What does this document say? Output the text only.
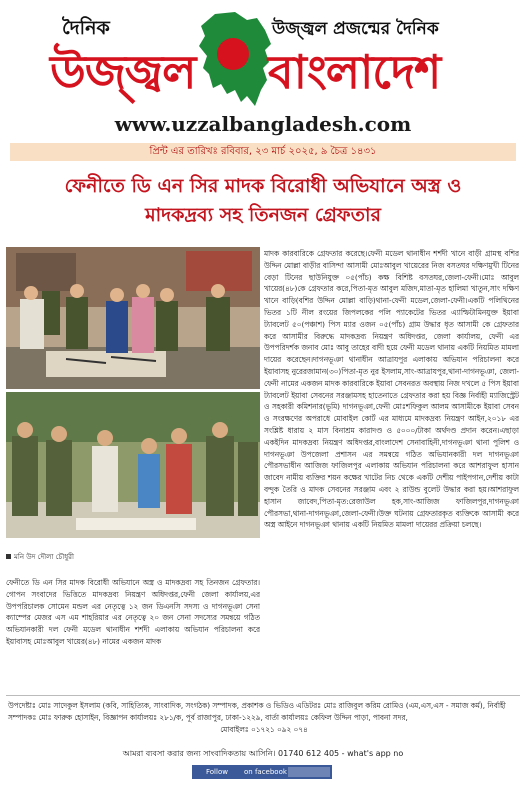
দৈনিক	উজ্জ্বল প্রজন্মের দৈনিক
উজ্জ্বল বাংলাদেশ
www.uzzalbangladesh.com
প্রিন্ট এর তারিখঃ রবিবার, ২৩ মার্চ ২০২৫, ৯ চৈত্র ১৪৩১
ফেনীতে ডি এন সির মাদক বিরোধী অভিযানে অস্ত্র ও
মাদকদ্রব্য সহ তিনজন গ্রেফতার
মনি উদ দৌলা চৌধুরী
মাদক কারবারিকে গ্রেফতার করেছে।ফেনী মডেল থানাধীন শর্শদী খানে বাড়ী গ্রামস্থ বশির উদ্দিন মোল্লা বাড়ীর বাসিন্দা আসামী মোঃআবুল খায়েরের নিজ বসতঘর দক্ষিণমুখী টিনের বেড়া টিনের ছাউনিযুক্ত ০৫(পাঁচ) কক্ষ বিশিষ্ট বসতঘর,জেলা-ফেনী।মোঃ আবুল খায়ের(৪৮)কে গ্রেফতার করে,পিতা-মৃত আবুল মজিদ,মাতা-মৃত হালিমা খাতুন,সাং দক্ষিণ খানে বাড়ি(বশির উদ্দিন মোল্লা বাড়ি)থানা-ফেনী মডেল,জেলা-ফেনী।একটি পলিথিনের ভিতর ১টি নীল রংয়ের জিপলকের পলি প্যাকেটের ভিতর এ্যাম্ফিটামিনযুক্ত ইয়াবা ট্যাবলেট ৫০(পঞ্চাশ) পিস ম্যার ওজন ০৫(পাঁচ) গ্রাম উদ্ধার ধৃত আসামী কে গ্রেফতার করে আসামীর বিরুদ্ধে মাদকদ্রব্য নিয়ন্ত্রণ অধিদপ্তর, জেলা কার্যালয়, ফেনী এর উপপরিদর্শক জনাব মোঃ আবু তাহের বাদী হয়ে ফেনী মডেল থানায় একটি নিয়মিত মামলা দায়ের করেছেন।দাগনভূঞা থানাধীন আত্রাযপুর এলাকায় অভিযান পরিচালনা করে ইয়াবাসহ নুরেরজামান(৩০)পিতা-মৃত নুর ইসলাম,সাং-আত্রাযপুর,থানা-দাগনভূঞা, জেলা-ফেনী নামের একজন মাদক কারবারিকে ইয়াবা সেবনরত অবস্থায় নিজ দখলে ৫ পিস ইয়াবা ট্যাবলেট ইয়াবা সেবনের সরঞ্জামসহ হাতেনাতে গ্রেফতার করা হয় বিজ্ঞ নির্বাহী ম্যাজিস্ট্রেট ও সহকারী কমিশনার(ভূমি) দাগনভূঞা,ফেনী মোঃশফিকুল আলম আসামীকে ইয়াবা সেবন ও সংরক্ষণের অপরাধে মোবাইল কোর্ট এর মাধ্যমে মাদকদ্রব্য নিয়ন্ত্রণ আইন,২০১৮ এর সংশ্লিষ্ট ধারায় ২ মাস বিনাশ্রম কারাদণ্ড ও ৫০০০/টাকা অর্থদণ্ড প্রদান করেন।এছাড়া একইদিন মাদকদ্রব্য নিয়ন্ত্রণ অধিদপ্তর,বাংলাদেশ সেনাবাহিনী,দাগনভূঞা থানা পুলিশ ও দাগনভূঞা উপজেলা প্রশাসন এর সমন্বয়ে গঠিত অভিযানকারী দল দাগনভূঞা পৌরসভাধীন আজিজ ফাজিলপুর এলাকায় অভিযান পরিচালনা করে আশরাফুল হাসান জাবেদ নামীয় ব্যক্তির শয়ন কক্ষের খাটের নিচ থেকে একটি দেশীয় পাইপগান,দেশীয় কাটা বন্দুক তৈরি ও মাদক সেবনের সরঞ্জাম এবং ২ রাউন্ড বুলেট উদ্ধার করা হয়।আশরাফুল হাসান জাবেদ,পিতা-মৃত:রেজাউল হক,সাং-আজিজ ফাজিলপুর,দাগনভূঞা পৌরসভা,থানা-দাগনভূঞা,জেলা-ফেনী।উক্ত ঘটনায় গ্রেফতারকৃত ব্যক্তিকে আসামী করে অস্ত্র আইনে দাগনভূঞা থানায় একটি নিয়মিত মামলা দায়েরর প্রক্রিয়া চলছে।
ফেনীতে ডি এন সির মাদক বিরোধী অভিযানে অস্ত্র ও মাদকদ্রব্য সহ তিনজন গ্রেফতার।গোপন সংবাদের ভিত্তিতে মাদকদ্রব্য নিয়ন্ত্রণ অধিদপ্তর,ফেনী জেলা কার্যালয়,এর উপপরিচালক সোমেন মন্ডল এর নেতৃত্বে ১২ জন ডিএনসি সদস্য ও দাগনভূঞা সেনা ক্যাম্পের মেজর এস এম শাহরিয়ার এর নেতৃত্বে ২০ জন সেনা সদস্যের সমন্বয়ে গঠিত অভিযানকারী দল ফেনী মডেল থানাধীন শর্শদী এলাকায় অভিযান পরিচালনা করে ইয়াবাসহ মোঃআবুল খায়ের(৪৮) নামের একজন মাদক
উপদেষ্টাঃ মোঃ সাদেকুল ইসলাম (কবি, সাহিত্যিক, সাংবাদিক, সংগঠক) সম্পাদক, প্রকাশক ও ভিডিও এডিটরঃ মোঃ রাজিবুল করিম রোমিও (এম,এস,এস - সমাজ কর্ম), নির্বাহী সম্পাদকঃ মোঃ ফারুক হোসাইন, বিজ্ঞাপন কার্যালয়ঃ ২৮১/ক, পূর্ব রাজাপুর, ঢাকা-১২২৯, বার্তা কার্যালয়ঃ কেফিল উদ্দিন পাড়া, পাবনা সদর,
মোবাইলঃ ০১৭২১ ০৯২ ০৭৪
আমরা ব্যবসা করার জন্য সাংবাদিকতায় আসিনি। 01740 612 405 - what's app no
Follow on facebook
